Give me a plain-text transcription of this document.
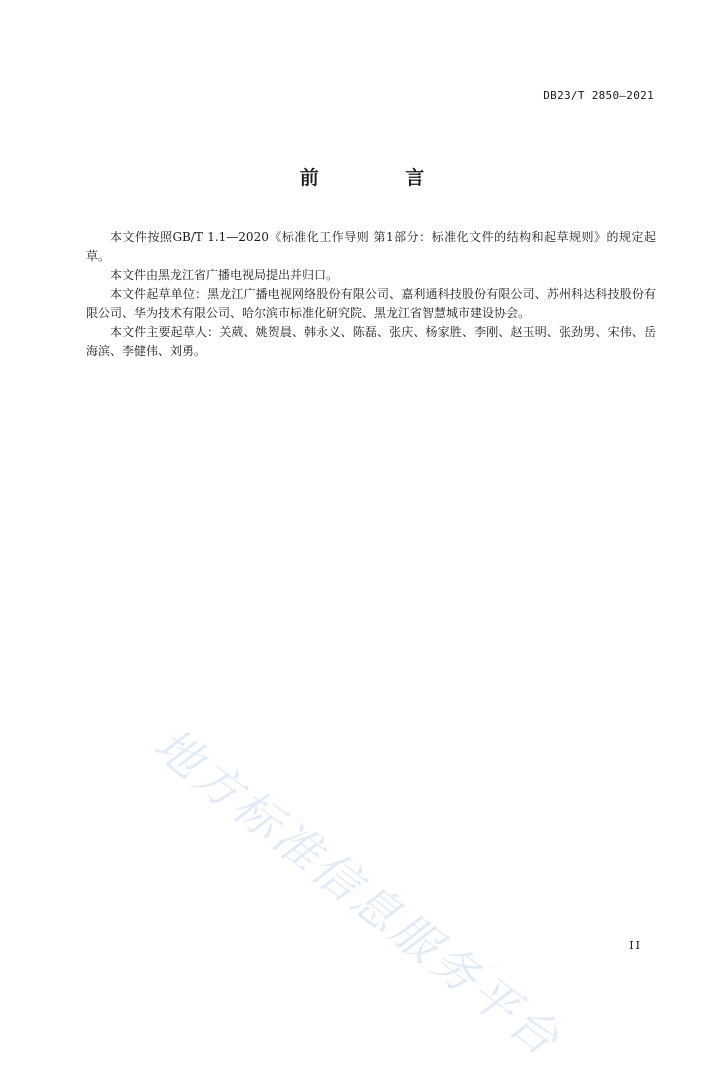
DB23/T 2850—2021
前 言

本文件按照GB/T 1.1—2020《标准化工作导则 第1部分：标准化文件的结构和起草规则》的规定起草。

本文件由黑龙江省广播电视局提出并归口。

本文件起草单位：黑龙江广播电视网络股份有限公司、嘉利通科技股份有限公司、苏州科达科技股份有限公司、华为技术有限公司、哈尔滨市标准化研究院、黑龙江省智慧城市建设协会。

本文件主要起草人：关葳、姚贺晨、韩永义、陈磊、张庆、杨家胜、李刚、赵玉明、张劲男、宋伟、岳海滨、李健伟、刘勇。

地方标准信息服务平台	II
